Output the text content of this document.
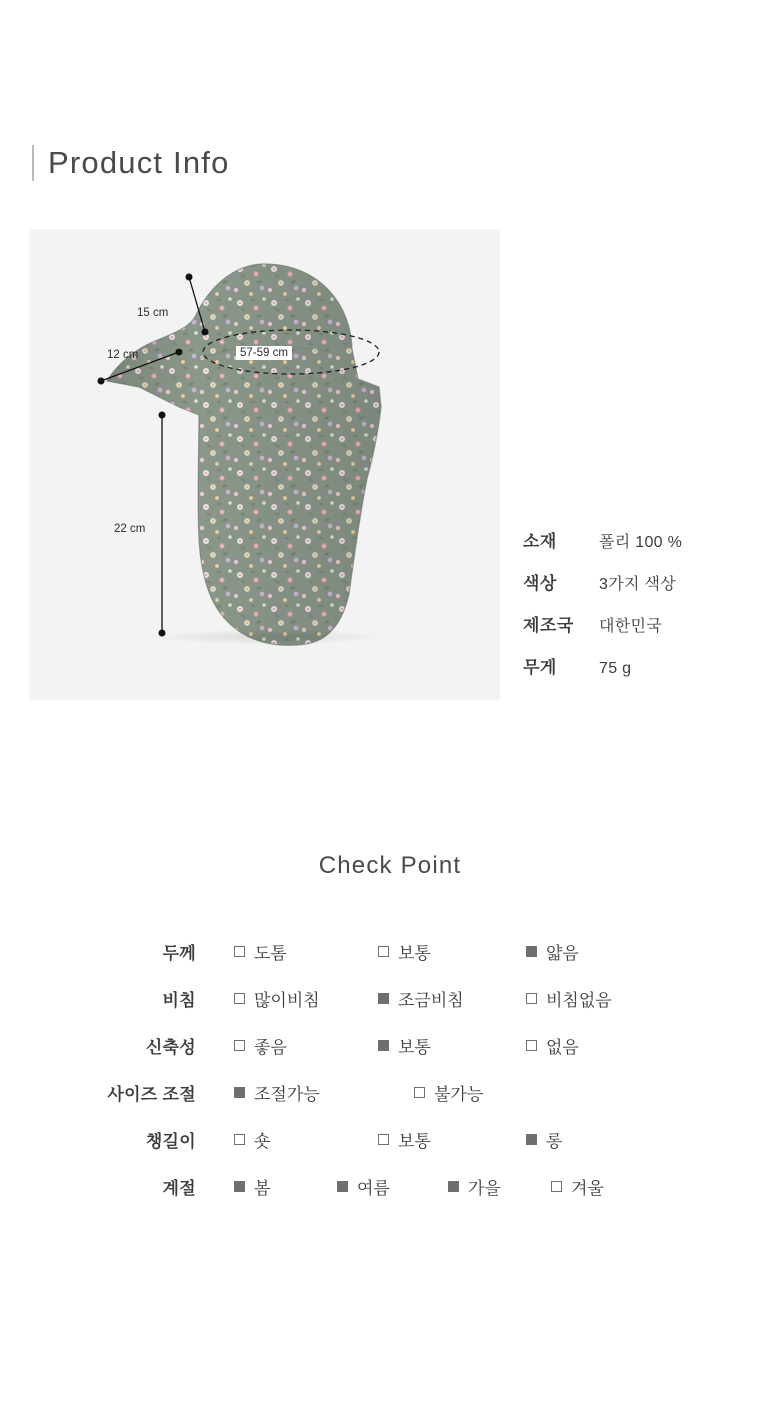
Product Info
15 cm
12 cm
22 cm
57-59 cm
소재	폴리 100 %
색상	3가지 색상
제조국	대한민국
무게	75 g
Check Point
두께	도톰	보통	얇음
비침	많이비침	조금비침	비침없음
신축성	좋음	보통	없음
사이즈 조절	조절가능	불가능
챙길이	숏	보통	롱
계절	봄	여름	가을	겨울
